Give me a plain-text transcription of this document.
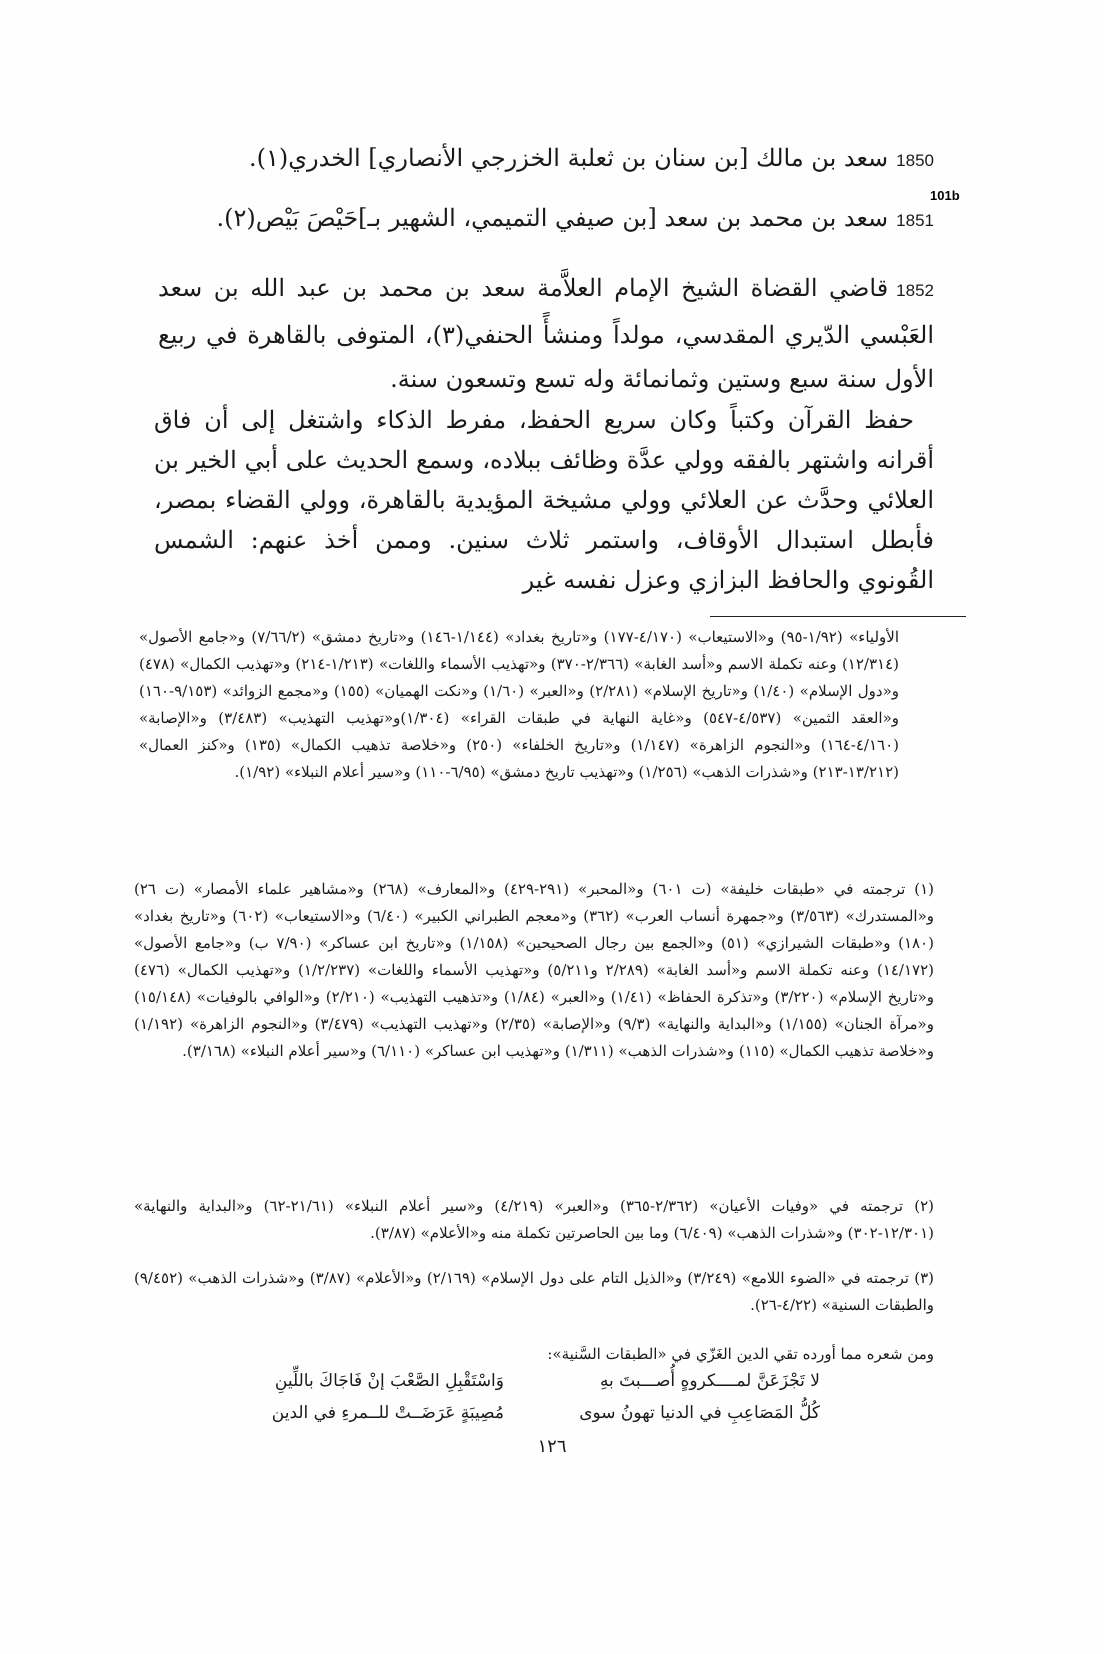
1850سعد بن مالك [بن سنان بن ثعلبة الخزرجي الأنصاري] الخدري(١).
101b
1851سعد بن محمد بن سعد [بن صيفي التميمي، الشهير بـ]حَيْصَ بَيْص(٢).
1852قاضي القضاة الشيخ الإمام العلاَّمة سعد بن محمد بن عبد الله بن سعد العَبْسي الدّيري المقدسي، مولداً ومنشأً الحنفي(٣)، المتوفى بالقاهرة في ربيع الأول سنة سبع وستين وثمانمائة وله تسع وتسعون سنة.
حفظ القرآن وكتباً وكان سريع الحفظ، مفرط الذكاء واشتغل إلى أن فاق أقرانه واشتهر بالفقه وولي عدَّة وظائف ببلاده، وسمع الحديث على أبي الخير بن العلائي وحدَّث عن العلائي وولي مشيخة المؤيدية بالقاهرة، وولي القضاء بمصر، فأبطل استبدال الأوقاف، واستمر ثلاث سنين. وممن أخذ عنهم: الشمس القُونوي والحافظ البزازي وعزل نفسه غير
الأولياء» (١/٩٢-٩٥) و«الاستيعاب» (٤/١٧٠-١٧٧) و«تاريخ بغداد» (١/١٤٤-١٤٦) و«تاريخ دمشق» (٧/٦٦/٢) و«جامع الأصول» (١٢/٣١٤) وعنه تكملة الاسم و«أسد الغابة» (٢/٣٦٦-٣٧٠) و«تهذيب الأسماء واللغات» (١/٢١٣-٢١٤) و«تهذيب الكمال» (٤٧٨) و«دول الإسلام» (١/٤٠) و«تاريخ الإسلام» (٢/٢٨١) و«العبر» (١/٦٠) و«نكت الهميان» (١٥٥) و«مجمع الزوائد» (٩/١٥٣-١٦٠) و«العقد الثمين» (٤/٥٣٧-٥٤٧) و«غاية النهاية في طبقات القراء» (١/٣٠٤)و«تهذيب التهذيب» (٣/٤٨٣) و«الإصابة» (٤/١٦٠-١٦٤) و«النجوم الزاهرة» (١/١٤٧) و«تاريخ الخلفاء» (٢٥٠) و«خلاصة تذهيب الكمال» (١٣٥) و«كنز العمال» (١٣/٢١٢-٢١٣) و«شذرات الذهب» (١/٢٥٦) و«تهذيب تاريخ دمشق» (٦/٩٥-١١٠) و«سير أعلام النبلاء» (١/٩٢).
(١) ترجمته في «طبقات خليفة» (ت ٦٠١) و«المحبر» (٢٩١-٤٢٩) و«المعارف» (٢٦٨) و«مشاهير علماء الأمصار» (ت ٢٦) و«المستدرك» (٣/٥٦٣) و«جمهرة أنساب العرب» (٣٦٢) و«معجم الطبراني الكبير» (٦/٤٠) و«الاستيعاب» (٦٠٢) و«تاريخ بغداد» (١٨٠) و«طبقات الشيرازي» (٥١) و«الجمع بين رجال الصحيحين» (١/١٥٨) و«تاريخ ابن عساكر» (٧/٩٠ ب) و«جامع الأصول» (١٤/١٧٢) وعنه تكملة الاسم و«أسد الغابة» (٢/٢٨٩ و٥/٢١١) و«تهذيب الأسماء واللغات» (١/٢/٢٣٧) و«تهذيب الكمال» (٤٧٦) و«تاريخ الإسلام» (٣/٢٢٠) و«تذكرة الحفاظ» (١/٤١) و«العبر» (١/٨٤) و«تذهيب التهذيب» (٢/٢١٠) و«الوافي بالوفيات» (١٥/١٤٨) و«مرآة الجنان» (١/١٥٥) و«البداية والنهاية» (٩/٣) و«الإصابة» (٢/٣٥) و«تهذيب التهذيب» (٣/٤٧٩) و«النجوم الزاهرة» (١/١٩٢) و«خلاصة تذهيب الكمال» (١١٥) و«شذرات الذهب» (١/٣١١) و«تهذيب ابن عساكر» (٦/١١٠) و«سير أعلام النبلاء» (٣/١٦٨).
(٢) ترجمته في «وفيات الأعيان» (٢/٣٦٢-٣٦٥) و«العبر» (٤/٢١٩) و«سير أعلام النبلاء» (٢١/٦١-٦٢) و«البداية والنهاية» (١٢/٣٠١-٣٠٢) و«شذرات الذهب» (٦/٤٠٩) وما بين الحاصرتين تكملة منه و«الأعلام» (٣/٨٧).
(٣) ترجمته في «الضوء اللامع» (٣/٢٤٩) و«الذيل التام على دول الإسلام» (٢/١٦٩) و«الأعلام» (٣/٨٧) و«شذرات الذهب» (٩/٤٥٢) والطبقات السنية» (٤/٢٢-٢٦).
ومن شعره مما أورده تقي الدين الغَزّي في «الطبقات السَّنية»:
لا تَجْزَعَنَّ لمــــكروهٍ أُصـــبتَ بهِ
وَاسْتَقْبِلِ الصَّعْبَ إنْ فَاجَاكَ باللِّينِ
كُلُّ المَصَاعِبِ في الدنيا تهونُ سوى
مُصِيبَةٍ عَرَضَــتْ للــمرءِ في الدين
١٢٦
